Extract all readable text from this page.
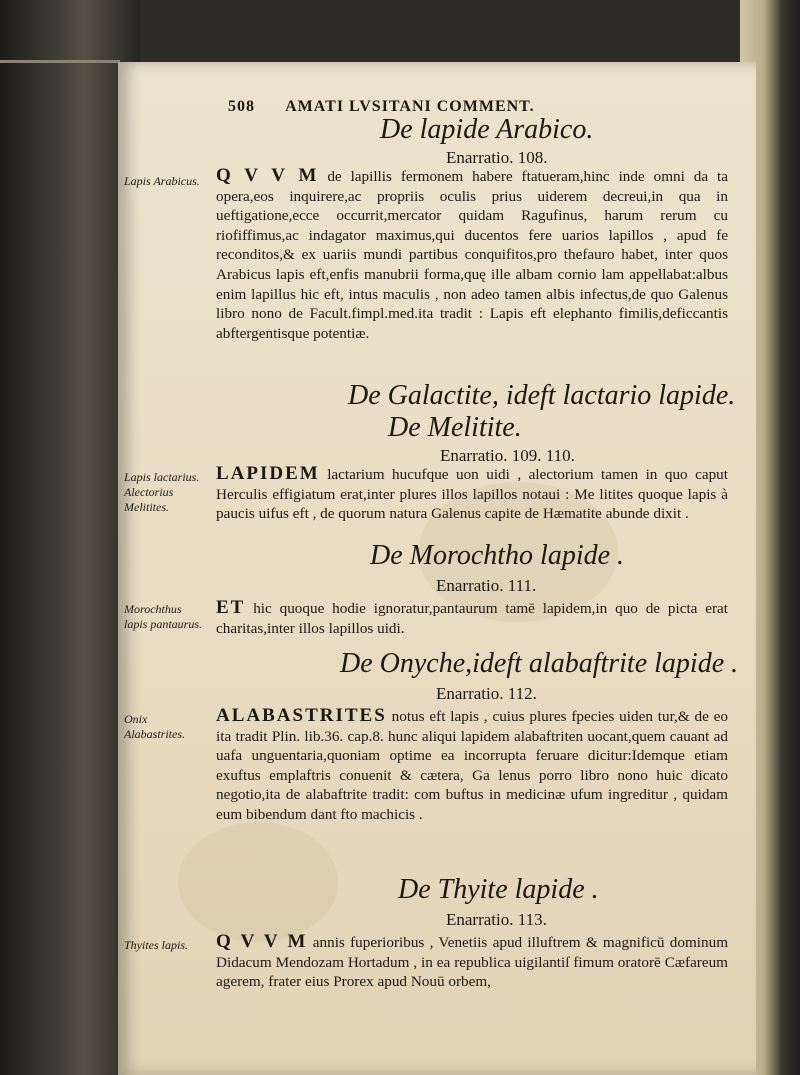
508 AMATI LVSITANI COMMENT.
De lapide Arabico.
Enarratio. 108.
Lapis Arabicus. Q V V M de lapillis fermonem habere ftatueram,hinc inde omni da ta opera,eos inquirere,ac propriis oculis prius uiderem decreui,in qua in ueftigatione,ecce occurrit,mercator quidam Ragufinus, harum rerum cu riofiffimus,ac indagator maximus,qui ducentos fere uarios lapillos , apud fe reconditos,& ex uariis mundi partibus conquifitos,pro thefauro habet, inter quos Arabicus lapis eft,enfis manubrii forma,quę ille albam cornio lam appellabat:albus enim lapillus hic eft, intus maculis , non adeo tamen albis infectus,de quo Galenus libro nono de Facult.fimpl.med.ita tradit : Lapis eft elephanto fimilis,deficcantis abftergentisque potentiæ.

De Galactite, ideft lactario lapide.
De Melitite.
Enarratio. 109. 110.
Lapis lactarius. Alectorius Melitites.

LAPIDEM lactarium hucufque uon uidi , alectorium tamen in quo caput Herculis effigiatum erat,inter plures illos lapillos notaui : Me litites quoque lapis à paucis uifus eft , de quorum natura Galenus capite de Hæmatite abunde dixit .

De Morochtho lapide .
Enarratio. 111.
Morochthus lapis pantaurus.

ET hic quoque hodie ignoratur,pantaurum tamē lapidem,in quo de picta erat charitas,inter illos lapillos uidi.

De Onyche,ideft alabaftrite lapide .
Enarratio. 112.
Onix Alabastrites.

ALABASTRITES notus eft lapis , cuius plures fpecies uiden tur,& de eo ita tradit Plin. lib.36. cap.8. hunc aliqui lapidem alabaftriten uocant,quem cauant ad uafa unguentaria,quoniam optime ea incorrupta feruare dicitur:Idemque etiam exuftus emplaftris conuenit & cætera, Ga lenus porro libro nono huic dicato negotio,ita de alabaftrite tradit: com buftus in medicinæ ufum ingreditur , quidam eum bibendum dant fto machicis .

De Thyite lapide .
Enarratio. 113.
Thyites lapis.	Q V V M annis fuperioribus , Venetiis apud illuftrem & magnificū dominum Didacum Mendozam Hortadum , in ea republica uigilantiſ fimum oratorē Cæfareum agerem, frater eius Prorex apud Nouū orbem,
